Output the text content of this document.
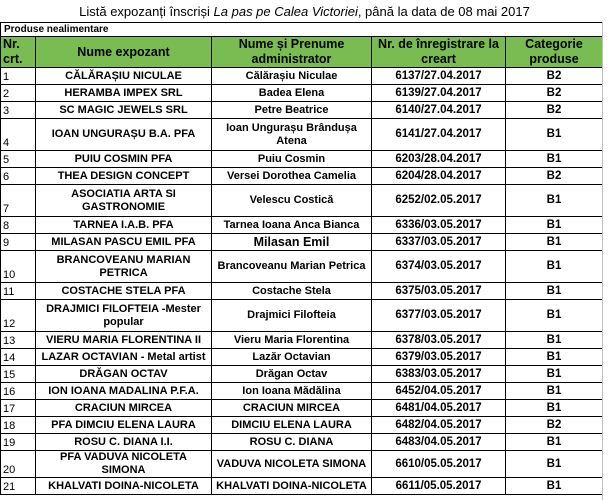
Listă expozanți înscriși La pas pe Calea Victoriei, până la data de 08 mai 2017
Produse nealimentare				
Nr. crt.	Nume expozant	Nume și Prenume administrator	Nr. de înregistrare la creart	Categorie produse
1	CĂLĂRAȘIU NICULAE	Călărașiu Niculae	6137/27.04.2017	B2
2	HERAMBA IMPEX SRL	Badea Elena	6139/27.04.2017	B2
3	SC MAGIC JEWELS SRL	Petre Beatrice	6140/27.04.2017	B2
4	IOAN UNGURAȘU B.A. PFA	Ioan Ungurașu Brândușa Atena	6141/27.04.2017	B1
5	PUIU COSMIN PFA	Puiu Cosmin	6203/28.04.2017	B1
6	THEA DESIGN CONCEPT	Versei Dorothea Camelia	6204/28.04.2017	B2
7	ASOCIATIA ARTA SI GASTRONOMIE	Velescu Costică	6252/02.05.2017	B1
8	TARNEA I.A.B. PFA	Tarnea Ioana Anca Bianca	6336/03.05.2017	B1
9	MILASAN PASCU EMIL PFA	Milasan Emil	6337/03.05.2017	B1
10	BRANCOVEANU MARIAN PETRICA	Brancoveanu Marian Petrica	6374/03.05.2017	B1
11	COSTACHE STELA PFA	Costache Stela	6375/03.05.2017	B1
12	DRAJMICI FILOFTEIA -Mester popular	Drajmici Filofteia	6377/03.05.2017	B1
13	VIERU MARIA FLORENTINA II	Vieru Maria Florentina	6378/03.05.2017	B1
14	LAZAR OCTAVIAN - Metal artist	Lazăr Octavian	6379/03.05.2017	B1
15	DRĂGAN OCTAV	Drăgan Octav	6383/03.05.2017	B1
16	ION IOANA MADALINA P.F.A.	Ion Ioana Mădălina	6452/04.05.2017	B1
17	CRACIUN MIRCEA	CRACIUN MIRCEA	6481/04.05.2017	B1
18	PFA DIMCIU ELENA LAURA	DIMCIU ELENA LAURA	6482/04.05.2017	B2
19	ROSU C. DIANA I.I.	ROSU C. DIANA	6483/04.05.2017	B1
20	PFA VADUVA NICOLETA SIMONA	VADUVA NICOLETA SIMONA	6610/05.05.2017	B1
21	KHALVATI DOINA-NICOLETA	KHALVATI DOINA-NICOLETA	6611/05.05.2017	B1
